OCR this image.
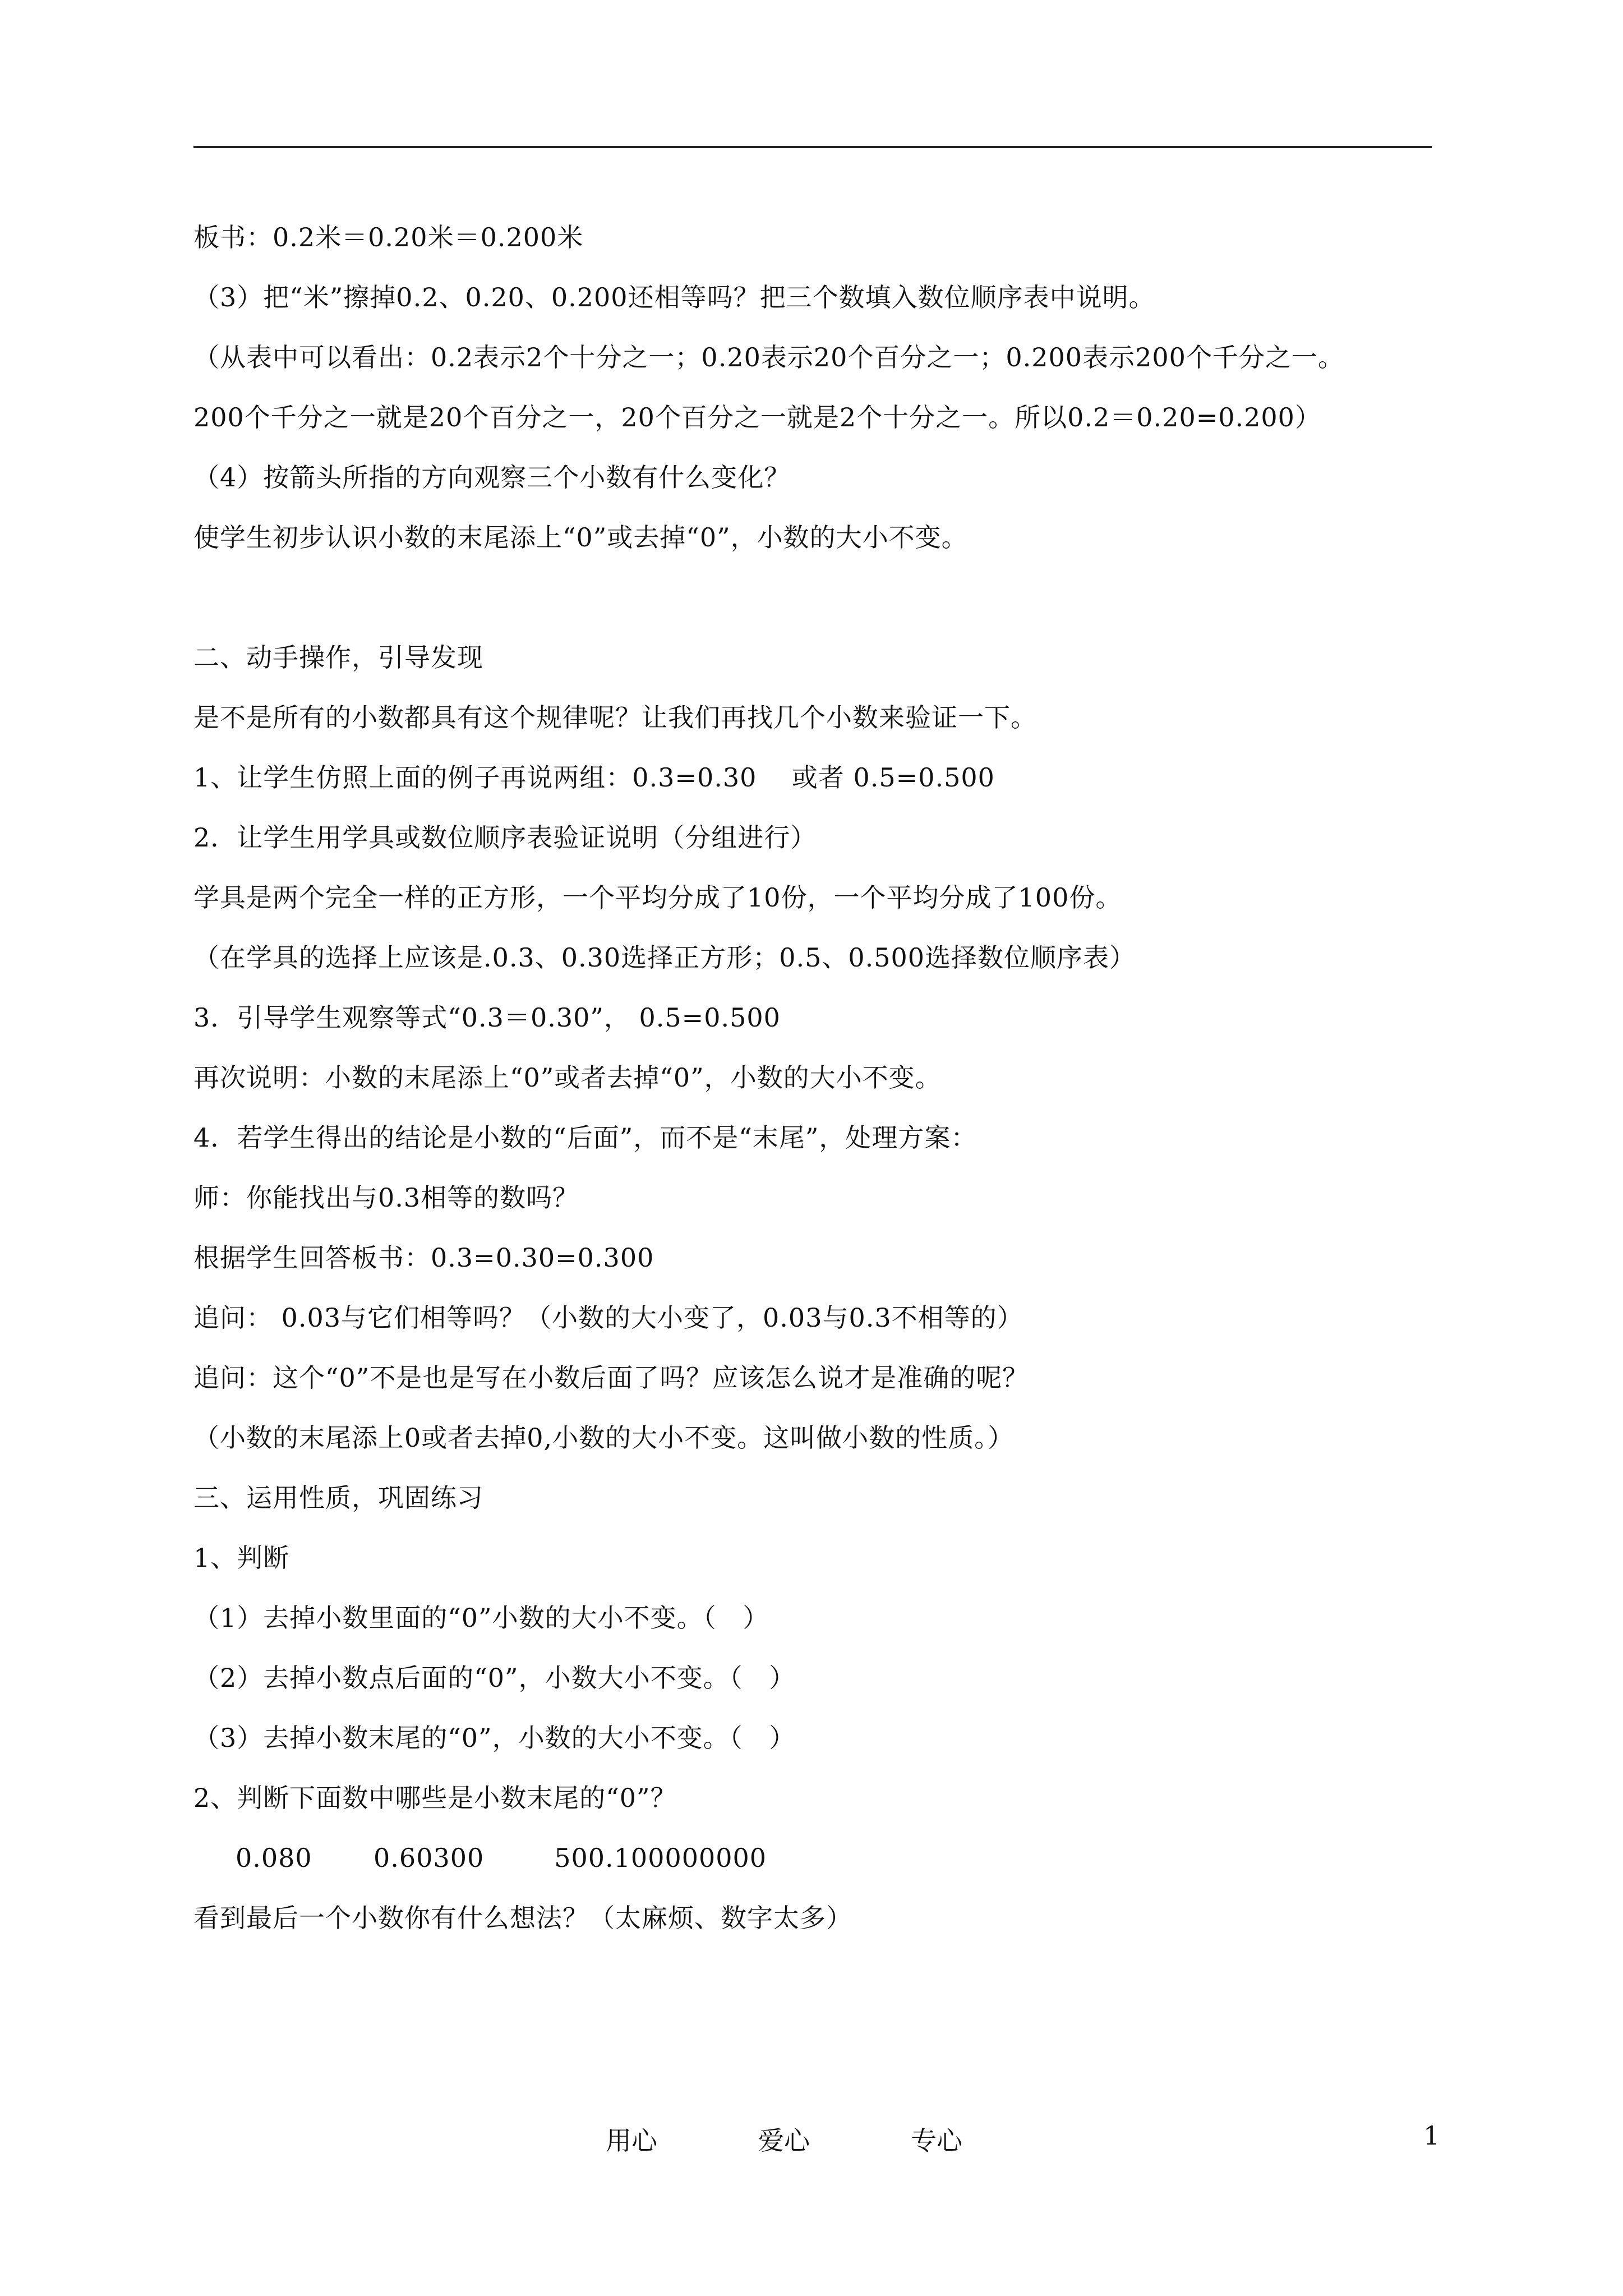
板书：0.2米＝0.20米＝0.200米
（3）把“米”擦掉0.2、0.20、0.200还相等吗？把三个数填入数位顺序表中说明。
（从表中可以看出：0.2表示2个十分之一；0.20表示20个百分之一；0.200表示200个千分之一。
200个千分之一就是20个百分之一，20个百分之一就是2个十分之一。所以0.2＝0.20=0.200）
（4）按箭头所指的方向观察三个小数有什么变化？
使学生初步认识小数的末尾添上“0”或去掉“0”，小数的大小不变。
二、动手操作，引导发现
是不是所有的小数都具有这个规律呢？让我们再找几个小数来验证一下。
1、让学生仿照上面的例子再说两组：0.3=0.30    或者 0.5=0.500
2．让学生用学具或数位顺序表验证说明（分组进行）
学具是两个完全一样的正方形，一个平均分成了10份，一个平均分成了100份。
（在学具的选择上应该是.0.3、0.30选择正方形；0.5、0.500选择数位顺序表）
3．引导学生观察等式“0.3＝0.30”， 0.5=0.500
再次说明：小数的末尾添上“0”或者去掉“0”，小数的大小不变。
4．若学生得出的结论是小数的“后面”，而不是“末尾”，处理方案：
师：你能找出与0.3相等的数吗？
根据学生回答板书：0.3=0.30=0.300
追问： 0.03与它们相等吗？（小数的大小变了，0.03与0.3不相等的）
追问：这个“0”不是也是写在小数后面了吗？应该怎么说才是准确的呢？
（小数的末尾添上0或者去掉0,小数的大小不变。这叫做小数的性质。）
三、运用性质，巩固练习
1、判断
（1）去掉小数里面的“0”小数的大小不变。（   ）
（2）去掉小数点后面的“0”，小数大小不变。（   ）
（3）去掉小数末尾的“0”，小数的大小不变。（   ）
2、判断下面数中哪些是小数末尾的“0”？
0.080       0.60300        500.100000000
看到最后一个小数你有什么想法？（太麻烦、数字太多）
用心	爱心	专心	1
